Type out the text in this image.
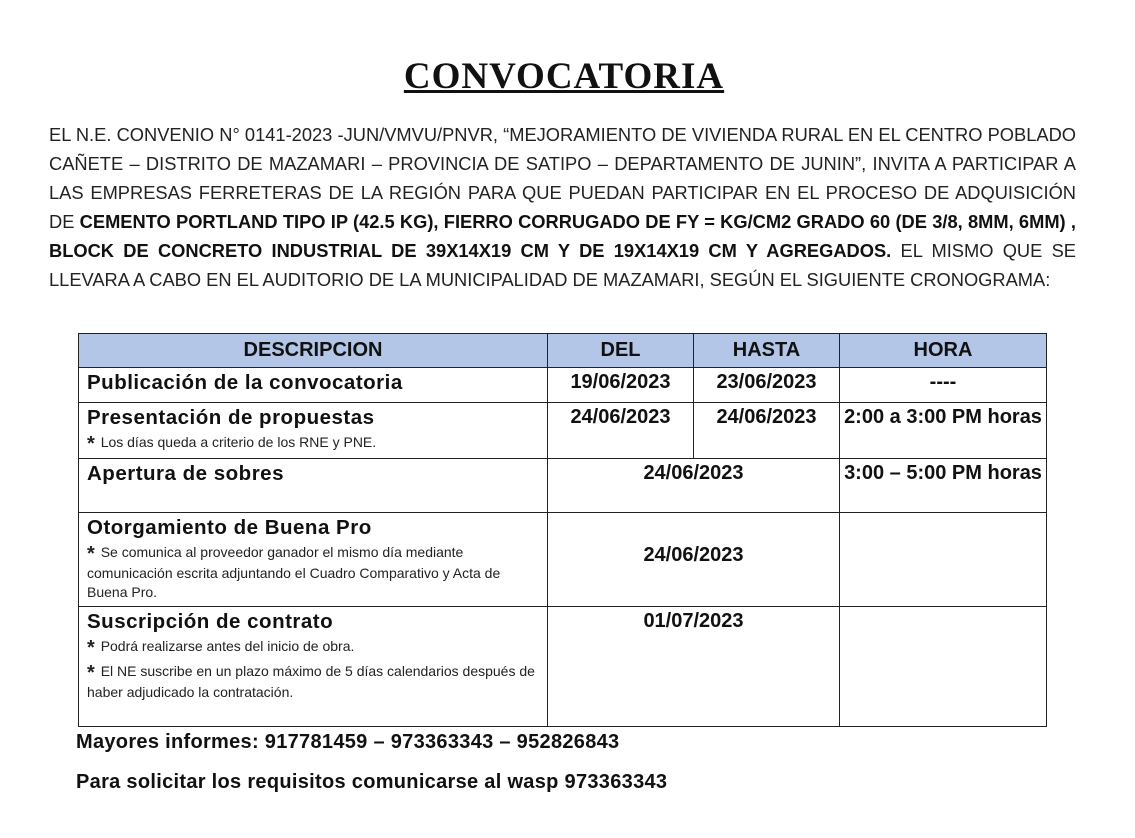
CONVOCATORIA
EL N.E. CONVENIO N° 0141-2023 -JUN/VMVU/PNVR, “MEJORAMIENTO DE VIVIENDA RURAL EN EL CENTRO POBLADO CAÑETE – DISTRITO DE MAZAMARI – PROVINCIA DE SATIPO – DEPARTAMENTO DE JUNIN”, INVITA A PARTICIPAR A LAS EMPRESAS FERRETERAS DE LA REGIÓN PARA QUE PUEDAN PARTICIPAR EN EL PROCESO DE ADQUISICIÓN DE CEMENTO PORTLAND TIPO IP (42.5 KG), FIERRO CORRUGADO DE FY = KG/CM2 GRADO 60 (DE 3/8, 8MM, 6MM) , BLOCK DE CONCRETO INDUSTRIAL DE 39X14X19 CM Y DE 19X14X19 CM Y AGREGADOS. EL MISMO QUE SE LLEVARA A CABO EN EL AUDITORIO DE LA MUNICIPALIDAD DE MAZAMARI, SEGÚN EL SIGUIENTE CRONOGRAMA:
DESCRIPCION	DEL	HASTA	HORA

Publicación de la convocatoria	19/06/2023	23/06/2023	----

Presentación de propuestas
* Los días queda a criterio de los RNE y PNE.	24/06/2023	24/06/2023	2:00 a 3:00 PM horas

Apertura de sobres	24/06/2023		3:00 – 5:00 PM horas

Otorgamiento de Buena Pro
* Se comunica al proveedor ganador el mismo día mediante comunicación escrita adjuntando el Cuadro Comparativo y Acta de Buena Pro.	24/06/2023		

Suscripción de contrato
* Podrá realizarse antes del inicio de obra.
* El NE suscribe en un plazo máximo de 5 días calendarios después de haber adjudicado la contratación.	01/07/2023		

Mayores informes: 917781459 – 973363343 – 952826843
Para solicitar los requisitos comunicarse al wasp 973363343
